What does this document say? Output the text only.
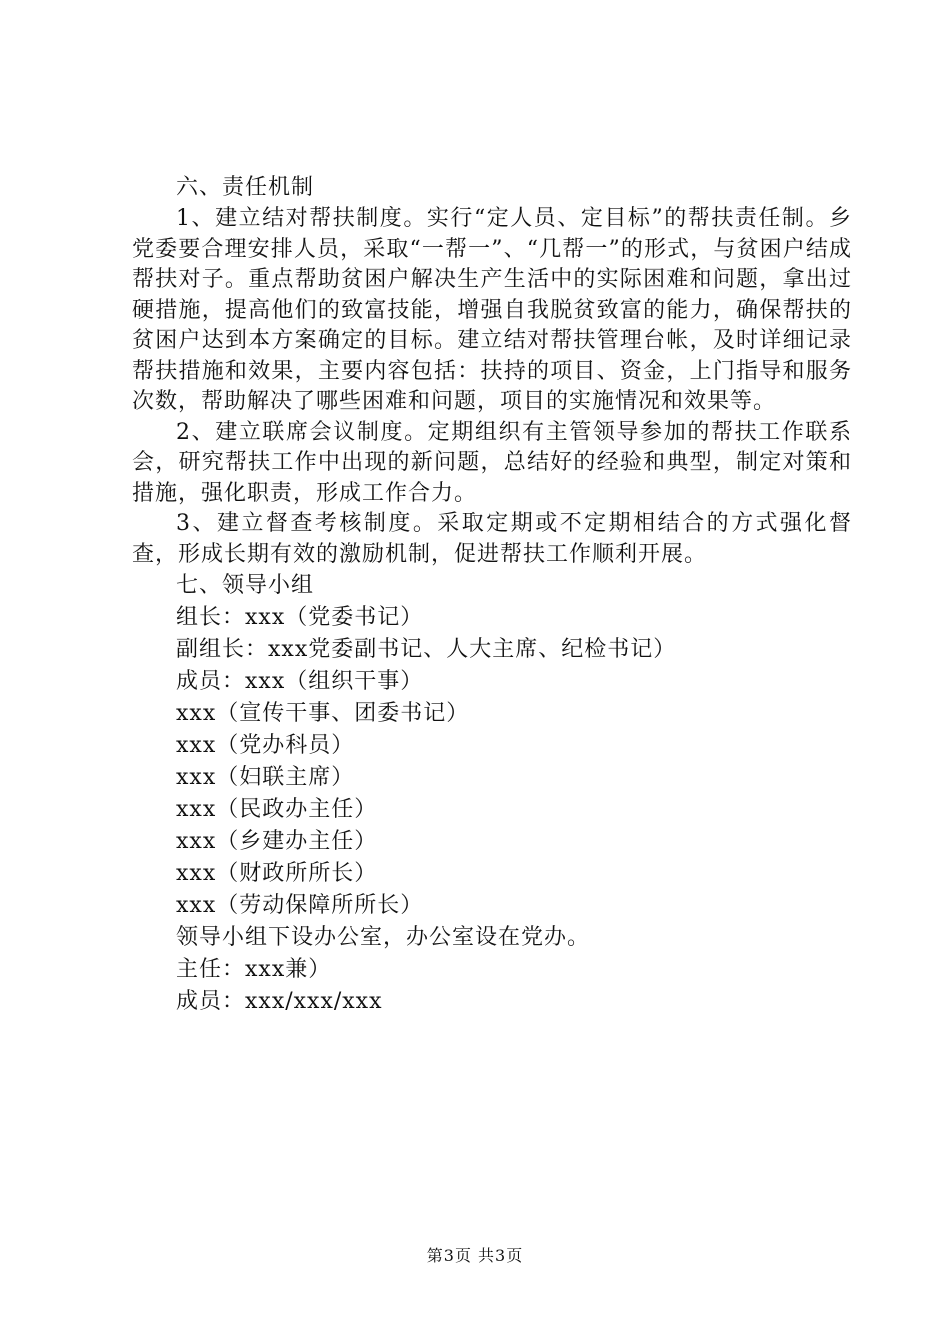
六、责任机制

1、建立结对帮扶制度。实行“定人员、定目标”的帮扶责任制。乡党委要合理安排人员，采取“一帮一”、“几帮一”的形式，与贫困户结成帮扶对子。重点帮助贫困户解决生产生活中的实际困难和问题，拿出过硬措施，提高他们的致富技能，增强自我脱贫致富的能力，确保帮扶的贫困户达到本方案确定的目标。建立结对帮扶管理台帐，及时详细记录帮扶措施和效果，主要内容包括：扶持的项目、资金，上门指导和服务次数，帮助解决了哪些困难和问题，项目的实施情况和效果等。

2、建立联席会议制度。定期组织有主管领导参加的帮扶工作联系会，研究帮扶工作中出现的新问题，总结好的经验和典型，制定对策和措施，强化职责，形成工作合力。

3、建立督查考核制度。采取定期或不定期相结合的方式强化督查，形成长期有效的激励机制，促进帮扶工作顺利开展。

七、领导小组
组长：xxx（党委书记）
副组长：xxx党委副书记、人大主席、纪检书记）
成员：xxx（组织干事）
xxx（宣传干事、团委书记）
xxx（党办科员）
xxx（妇联主席）
xxx（民政办主任）
xxx（乡建办主任）
xxx（财政所所长）
xxx（劳动保障所所长）
领导小组下设办公室，办公室设在党办。
主任：xxx兼）
成员：xxx/xxx/xxx
第3页 共3页
